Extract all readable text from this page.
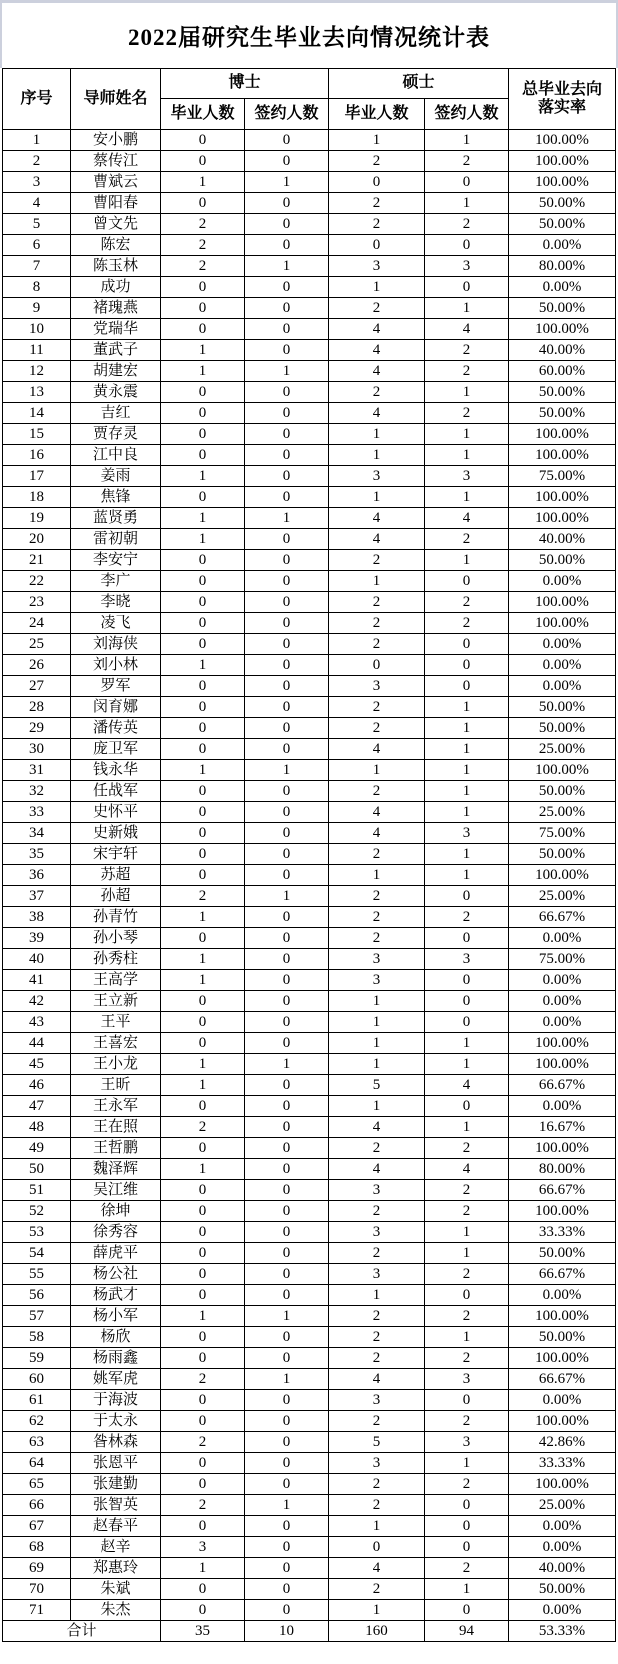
2022届研究生毕业去向情况统计表
序号	导师姓名	博士		硕士		总毕业去向
落实率
		毕业人数	签约人数	毕业人数	签约人数	
1	安小鹏	0	0	1	1	100.00%
2	蔡传江	0	0	2	2	100.00%
3	曹斌云	1	1	0	0	100.00%
4	曹阳春	0	0	2	1	50.00%
5	曾文先	2	0	2	2	50.00%
6	陈宏	2	0	0	0	0.00%
7	陈玉林	2	1	3	3	80.00%
8	成功	0	0	1	0	0.00%
9	褚瑰燕	0	0	2	1	50.00%
10	党瑞华	0	0	4	4	100.00%
11	董武子	1	0	4	2	40.00%
12	胡建宏	1	1	4	2	60.00%
13	黄永震	0	0	2	1	50.00%
14	吉红	0	0	4	2	50.00%
15	贾存灵	0	0	1	1	100.00%
16	江中良	0	0	1	1	100.00%
17	姜雨	1	0	3	3	75.00%
18	焦锋	0	0	1	1	100.00%
19	蓝贤勇	1	1	4	4	100.00%
20	雷初朝	1	0	4	2	40.00%
21	李安宁	0	0	2	1	50.00%
22	李广	0	0	1	0	0.00%
23	李晓	0	0	2	2	100.00%
24	凌飞	0	0	2	2	100.00%
25	刘海侠	0	0	2	0	0.00%
26	刘小林	1	0	0	0	0.00%
27	罗军	0	0	3	0	0.00%
28	闵育娜	0	0	2	1	50.00%
29	潘传英	0	0	2	1	50.00%
30	庞卫军	0	0	4	1	25.00%
31	钱永华	1	1	1	1	100.00%
32	任战军	0	0	2	1	50.00%
33	史怀平	0	0	4	1	25.00%
34	史新娥	0	0	4	3	75.00%
35	宋宇轩	0	0	2	1	50.00%
36	苏超	0	0	1	1	100.00%
37	孙超	2	1	2	0	25.00%
38	孙青竹	1	0	2	2	66.67%
39	孙小琴	0	0	2	0	0.00%
40	孙秀柱	1	0	3	3	75.00%
41	王高学	1	0	3	0	0.00%
42	王立新	0	0	1	0	0.00%
43	王平	0	0	1	0	0.00%
44	王喜宏	0	0	1	1	100.00%
45	王小龙	1	1	1	1	100.00%
46	王昕	1	0	5	4	66.67%
47	王永军	0	0	1	0	0.00%
48	王在照	2	0	4	1	16.67%
49	王哲鹏	0	0	2	2	100.00%
50	魏泽辉	1	0	4	4	80.00%
51	吴江维	0	0	3	2	66.67%
52	徐坤	0	0	2	2	100.00%
53	徐秀容	0	0	3	1	33.33%
54	薛虎平	0	0	2	1	50.00%
55	杨公社	0	0	3	2	66.67%
56	杨武才	0	0	1	0	0.00%
57	杨小军	1	1	2	2	100.00%
58	杨欣	0	0	2	1	50.00%
59	杨雨鑫	0	0	2	2	100.00%
60	姚军虎	2	1	4	3	66.67%
61	于海波	0	0	3	0	0.00%
62	于太永	0	0	2	2	100.00%
63	昝林森	2	0	5	3	42.86%
64	张恩平	0	0	3	1	33.33%
65	张建勤	0	0	2	2	100.00%
66	张智英	2	1	2	0	25.00%
67	赵春平	0	0	1	0	0.00%
68	赵辛	3	0	0	0	0.00%
69	郑惠玲	1	0	4	2	40.00%
70	朱斌	0	0	2	1	50.00%
71	朱杰	0	0	1	0	0.00%
合计		35	10	160	94	53.33%
